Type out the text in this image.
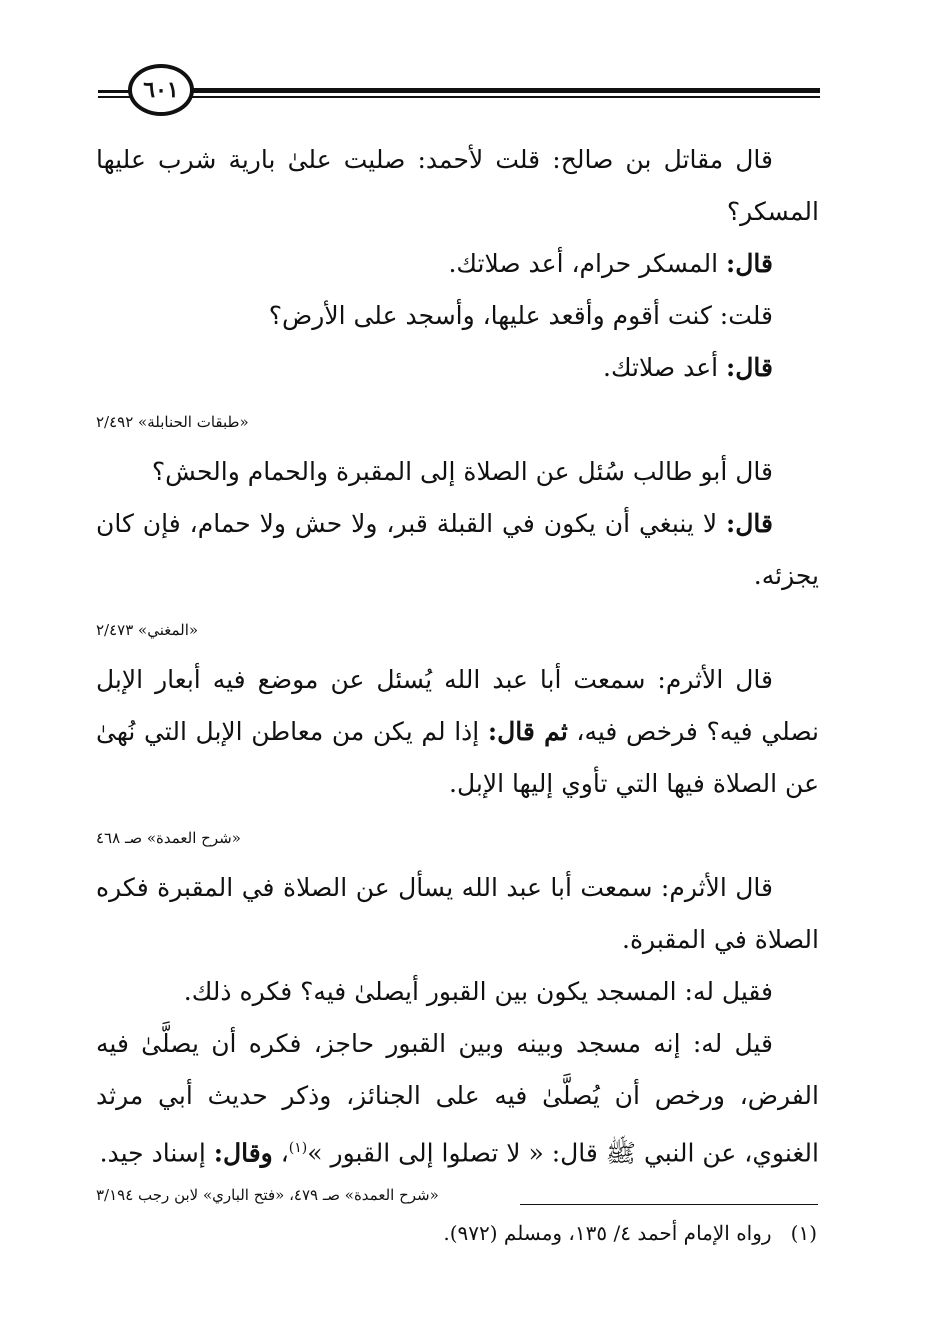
٦٠١

قال مقاتل بن صالح: قلت لأحمد: صليت علىٰ بارية شرب عليها المسكر؟

قال: المسكر حرام، أعد صلاتك.

قلت: كنت أقوم وأقعد عليها، وأسجد على الأرض؟

قال: أعد صلاتك.

«طبقات الحنابلة» ٢/٤٩٢

قال أبو طالب سُئل عن الصلاة إلى المقبرة والحمام والحش؟

قال: لا ينبغي أن يكون في القبلة قبر، ولا حش ولا حمام، فإن كان يجزئه.

«المغني» ٢/٤٧٣

قال الأثرم: سمعت أبا عبد الله يُسئل عن موضع فيه أبعار الإبل نصلي فيه؟ فرخص فيه، ثم قال: إذا لم يكن من معاطن الإبل التي نُهىٰ عن الصلاة فيها التي تأوي إليها الإبل.

«شرح العمدة» صـ ٤٦٨

قال الأثرم: سمعت أبا عبد الله يسأل عن الصلاة في المقبرة فكره الصلاة في المقبرة.

فقيل له: المسجد يكون بين القبور أيصلىٰ فيه؟ فكره ذلك.

قيل له: إنه مسجد وبينه وبين القبور حاجز، فكره أن يصلَّىٰ فيه الفرض، ورخص أن يُصلَّىٰ فيه على الجنائز، وذكر حديث أبي مرثد الغنوي، عن النبي ﷺ قال: « لا تصلوا إلى القبور »$^{(١)}$، وقال: إسناد جيد.

«شرح العمدة» صـ ٤٧٩، «فتح الباري» لابن رجب ٣/١٩٤
(١)   رواه الإمام أحمد ٤/ ١٣٥، ومسلم (٩٧٢).
